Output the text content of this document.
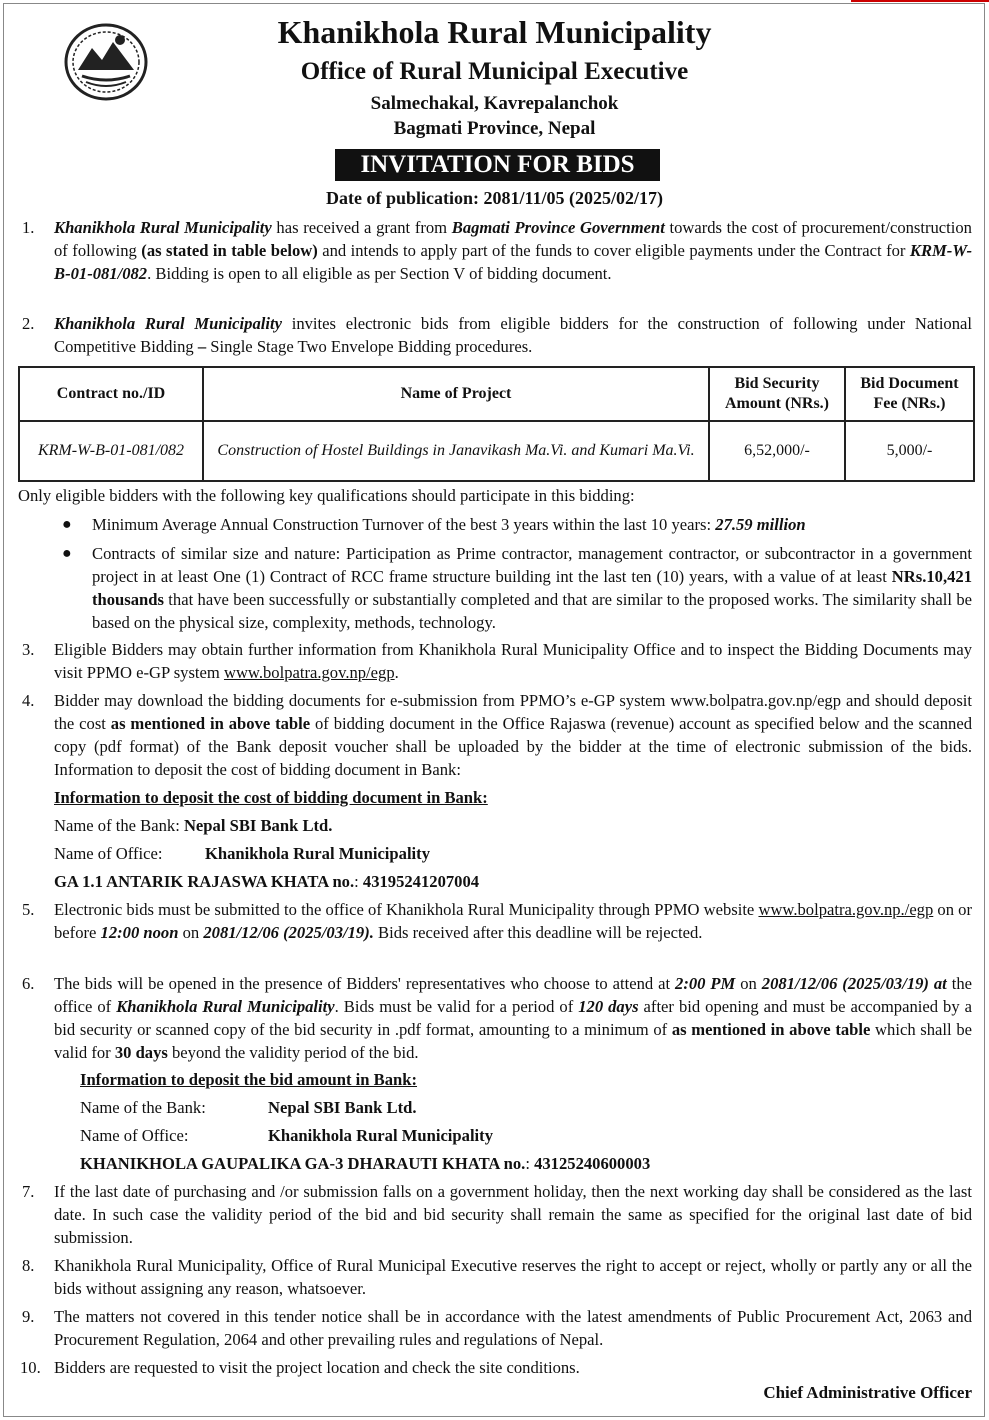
Khanikhola Rural Municipality
Office of Rural Municipal Executive
Salmechakal, Kavrepalanchok
Bagmati Province, Nepal
INVITATION FOR BIDS
Date of publication: 2081/11/05 (2025/02/17)
1. Khanikhola Rural Municipality has received a grant from Bagmati Province Government towards the cost of procurement/construction of following (as stated in table below) and intends to apply part of the funds to cover eligible payments under the Contract for KRM-W-B-01-081/082. Bidding is open to all eligible as per Section V of bidding document.
2. Khanikhola Rural Municipality invites electronic bids from eligible bidders for the construction of following under National Competitive Bidding – Single Stage Two Envelope Bidding procedures.
Contract no./ID	Name of Project	Bid Security Amount (NRs.)	Bid Document Fee (NRs.)
KRM-W-B-01-081/082	Construction of Hostel Buildings in Janavikash Ma.Vi. and Kumari Ma.Vi.	6,52,000/-	5,000/-
Only eligible bidders with the following key qualifications should participate in this bidding:
● Minimum Average Annual Construction Turnover of the best 3 years within the last 10 years: 27.59 million
● Contracts of similar size and nature: Participation as Prime contractor, management contractor, or subcontractor in a government project in at least One (1) Contract of RCC frame structure building int the last ten (10) years, with a value of at least NRs.10,421 thousands that have been successfully or substantially completed and that are similar to the proposed works. The similarity shall be based on the physical size, complexity, methods, technology.
3. Eligible Bidders may obtain further information from Khanikhola Rural Municipality Office and to inspect the Bidding Documents may visit PPMO e-GP system www.bolpatra.gov.np/egp.
4. Bidder may download the bidding documents for e-submission from PPMO’s e-GP system www.bolpatra.gov.np/egp and should deposit the cost as mentioned in above table of bidding document in the Office Rajaswa (revenue) account as specified below and the scanned copy (pdf format) of the Bank deposit voucher shall be uploaded by the bidder at the time of electronic submission of the bids. Information to deposit the cost of bidding document in Bank:
Information to deposit the cost of bidding document in Bank:
Name of the Bank: Nepal SBI Bank Ltd.
Name of Office:	Khanikhola Rural Municipality
GA 1.1 ANTARIK RAJASWA KHATA no.: 43195241207004
5. Electronic bids must be submitted to the office of Khanikhola Rural Municipality through PPMO website www.bolpatra.gov.np./egp on or before 12:00 noon on 2081/12/06 (2025/03/19). Bids received after this deadline will be rejected.
6. The bids will be opened in the presence of Bidders' representatives who choose to attend at 2:00 PM on 2081/12/06 (2025/03/19) at the office of Khanikhola Rural Municipality. Bids must be valid for a period of 120 days after bid opening and must be accompanied by a bid security or scanned copy of the bid security in .pdf format, amounting to a minimum of as mentioned in above table which shall be valid for 30 days beyond the validity period of the bid.
Information to deposit the bid amount in Bank:
Name of the Bank:	Nepal SBI Bank Ltd.
Name of Office:	Khanikhola Rural Municipality
KHANIKHOLA GAUPALIKA GA-3 DHARAUTI KHATA no.: 43125240600003
7. If the last date of purchasing and /or submission falls on a government holiday, then the next working day shall be considered as the last date. In such case the validity period of the bid and bid security shall remain the same as specified for the original last date of bid submission.
8. Khanikhola Rural Municipality, Office of Rural Municipal Executive reserves the right to accept or reject, wholly or partly any or all the bids without assigning any reason, whatsoever.
9. The matters not covered in this tender notice shall be in accordance with the latest amendments of Public Procurement Act, 2063 and Procurement Regulation, 2064 and other prevailing rules and regulations of Nepal.
10. Bidders are requested to visit the project location and check the site conditions.
Chief Administrative Officer
